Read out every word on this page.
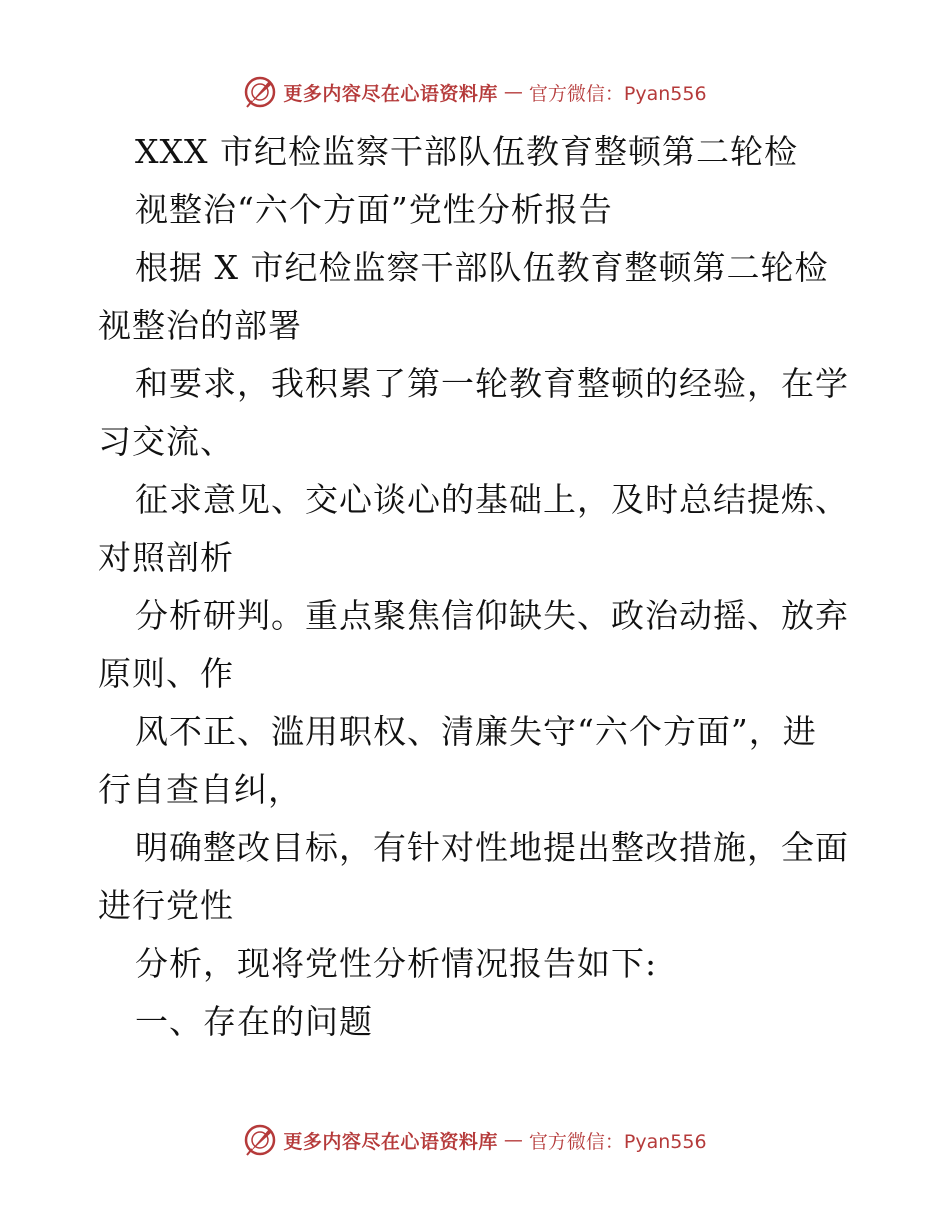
更多内容尽在心语资料库 — 官方微信：Pyan556
XXX 市纪检监察干部队伍教育整顿第二轮检
视整治“六个方面”党性分析报告
根据 X 市纪检监察干部队伍教育整顿第二轮检
视整治的部署
和要求，我积累了第一轮教育整顿的经验，在学
习交流、
征求意见、交心谈心的基础上，及时总结提炼、
对照剖析
分析研判。重点聚焦信仰缺失、政治动摇、放弃
原则、作
风不正、滥用职权、清廉失守“六个方面”，进
行自查自纠，
明确整改目标，有针对性地提出整改措施，全面
进行党性
分析，现将党性分析情况报告如下:
一、存在的问题
更多内容尽在心语资料库 — 官方微信：Pyan556
